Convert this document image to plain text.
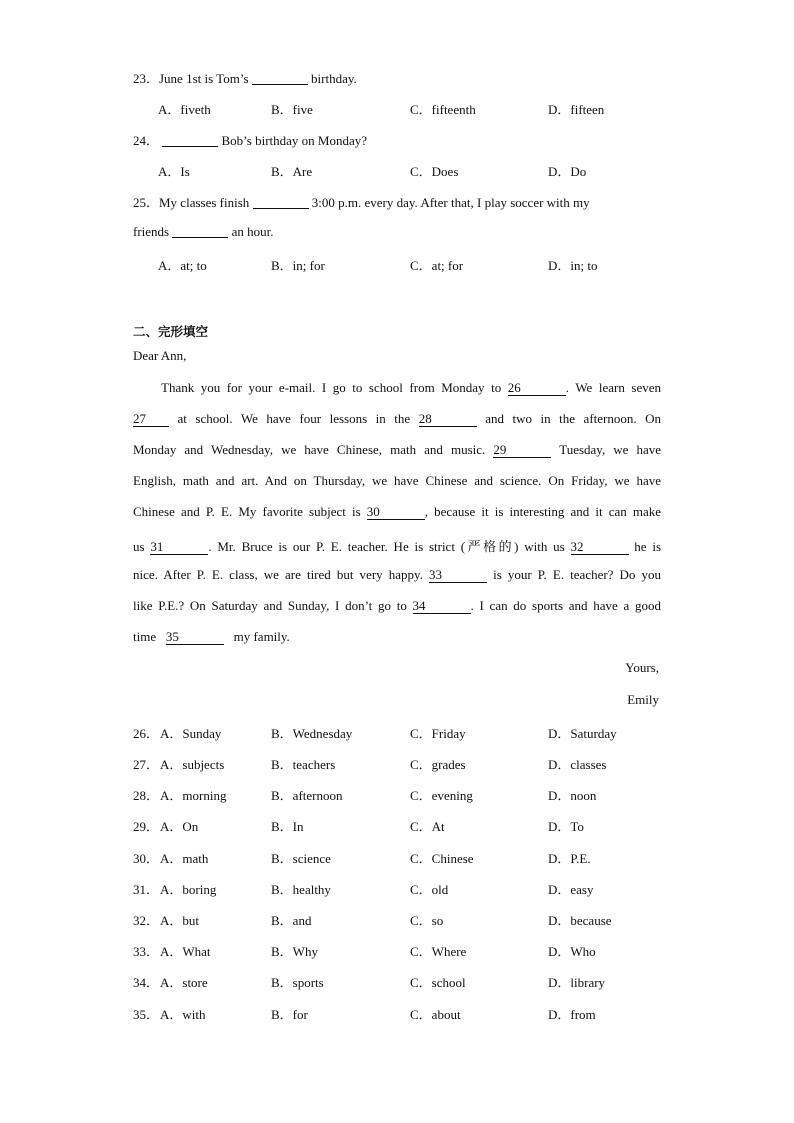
23．June 1st is Tom’s	birthday.
A．fiveth	B．five	C．fifteenth	D．fifteen
24．	Bob’s birthday on Monday?
A．Is	B．Are	C．Does	D．Do
25．My classes finish	3:00 p.m. every day. After that, I play soccer with my
friends	an hour.
A．at; to	B．in; for	C．at; for	D．in; to
二、完形填空
Dear Ann,
Thank you for your e-mail. I go to school from Monday to 26	. We learn seven
27 at school. We have four lessons in the 28	and two in the afternoon. On
Monday and Wednesday, we have Chinese, math and music. 29	Tuesday, we have
English, math and art. And on Thursday, we have Chinese and science. On Friday, we have
Chinese and P. E. My favorite subject is 30	, because it is interesting and it can make
us 31	. Mr. Bruce is our P. E. teacher. He is strict (严格的) with us 32	he is
nice. After P. E. class, we are tired but very happy. 33	is your P. E. teacher? Do you
like P.E.? On Saturday and Sunday, I don’t go to 34	. I can do sports and have a good
time 35	my family.
Yours,
Emily
26． A．Sunday	B．Wednesday	C．Friday	D．Saturday
27． A．subjects	B．teachers	C．grades	D．classes
28． A．morning	B．afternoon	C．evening	D．noon
29． A．On	B．In	C．At	D．To
30． A．math	B．science	C．Chinese	D．P.E.
31． A．boring	B．healthy	C．old	D．easy
32． A．but	B．and	C．so	D．because
33． A．What	B．Why	C．Where	D．Who
34． A．store	B．sports	C．school	D．library
35． A．with	B．for	C．about	D．from
